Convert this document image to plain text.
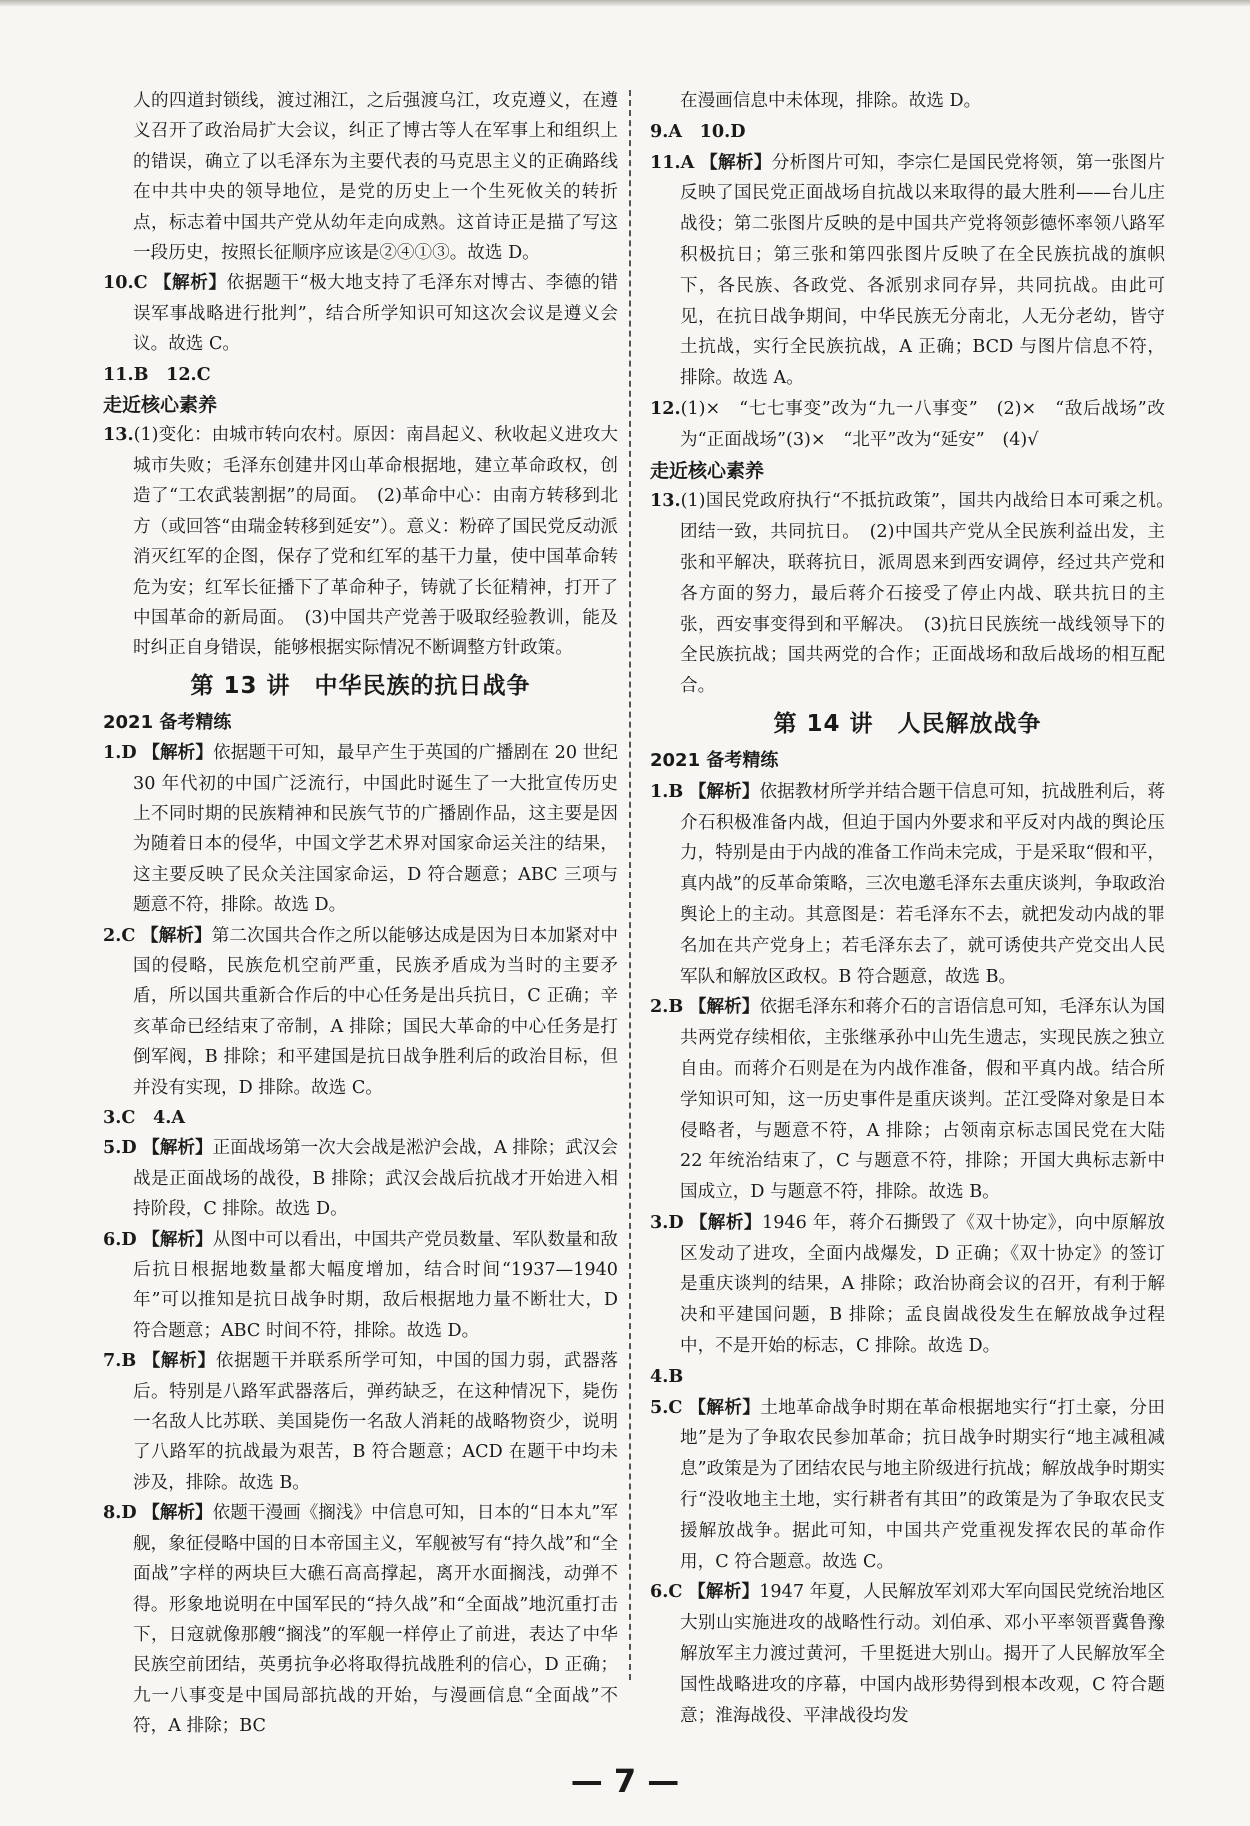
人的四道封锁线，渡过湘江，之后强渡乌江，攻克遵义，在遵义召开了政治局扩大会议，纠正了博古等人在军事上和组织上的错误，确立了以毛泽东为主要代表的马克思主义的正确路线在中共中央的领导地位，是党的历史上一个生死攸关的转折点，标志着中国共产党从幼年走向成熟。这首诗正是描了写这一段历史，按照长征顺序应该是②④①③。故选 D。

10.C 【解析】依据题干“极大地支持了毛泽东对博古、李德的错误军事战略进行批判”，结合所学知识可知这次会议是遵义会议。故选 C。

11.B　12.C

走近核心素养

13.(1)变化：由城市转向农村。原因：南昌起义、秋收起义进攻大城市失败；毛泽东创建井冈山革命根据地，建立革命政权，创造了“工农武装割据”的局面。　(2)革命中心：由南方转移到北方（或回答“由瑞金转移到延安”）。意义：粉碎了国民党反动派消灭红军的企图，保存了党和红军的基干力量，使中国革命转危为安；红军长征播下了革命种子，铸就了长征精神，打开了中国革命的新局面。　(3)中国共产党善于吸取经验教训，能及时纠正自身错误，能够根据实际情况不断调整方针政策。

第 13 讲　中华民族的抗日战争

2021 备考精练

1.D 【解析】依据题干可知，最早产生于英国的广播剧在 20 世纪 30 年代初的中国广泛流行，中国此时诞生了一大批宣传历史上不同时期的民族精神和民族气节的广播剧作品，这主要是因为随着日本的侵华，中国文学艺术界对国家命运关注的结果，这主要反映了民众关注国家命运，D 符合题意；ABC 三项与题意不符，排除。故选 D。

2.C 【解析】第二次国共合作之所以能够达成是因为日本加紧对中国的侵略，民族危机空前严重，民族矛盾成为当时的主要矛盾，所以国共重新合作后的中心任务是出兵抗日，C 正确；辛亥革命已经结束了帝制，A 排除；国民大革命的中心任务是打倒军阀，B 排除；和平建国是抗日战争胜利后的政治目标，但并没有实现，D 排除。故选 C。

3.C　4.A

5.D 【解析】正面战场第一次大会战是淞沪会战，A 排除；武汉会战是正面战场的战役，B 排除；武汉会战后抗战才开始进入相持阶段，C 排除。故选 D。

6.D 【解析】从图中可以看出，中国共产党员数量、军队数量和敌后抗日根据地数量都大幅度增加，结合时间“1937—1940 年”可以推知是抗日战争时期，敌后根据地力量不断壮大，D 符合题意；ABC 时间不符，排除。故选 D。

7.B 【解析】依据题干并联系所学可知，中国的国力弱，武器落后。特别是八路军武器落后，弹药缺乏，在这种情况下，毙伤一名敌人比苏联、美国毙伤一名敌人消耗的战略物资少，说明了八路军的抗战最为艰苦，B 符合题意；ACD 在题干中均未涉及，排除。故选 B。

8.D 【解析】依题干漫画《搁浅》中信息可知，日本的“日本丸”军舰，象征侵略中国的日本帝国主义，军舰被写有“持久战”和“全面战”字样的两块巨大礁石高高撑起，离开水面搁浅，动弹不得。形象地说明在中国军民的“持久战”和“全面战”地沉重打击下，日寇就像那艘“搁浅”的军舰一样停止了前进，表达了中华民族空前团结，英勇抗争必将取得抗战胜利的信心，D 正确；九一八事变是中国局部抗战的开始，与漫画信息“全面战”不符，A 排除；BC

在漫画信息中未体现，排除。故选 D。

9.A　10.D

11.A 【解析】分析图片可知，李宗仁是国民党将领，第一张图片反映了国民党正面战场自抗战以来取得的最大胜利——台儿庄战役；第二张图片反映的是中国共产党将领彭德怀率领八路军积极抗日；第三张和第四张图片反映了在全民族抗战的旗帜下，各民族、各政党、各派别求同存异，共同抗战。由此可见，在抗日战争期间，中华民族无分南北，人无分老幼，皆守土抗战，实行全民族抗战，A 正确；BCD 与图片信息不符，排除。故选 A。

12.(1)×　“七七事变”改为“九一八事变”　(2)×　“敌后战场”改为“正面战场”(3)×　“北平”改为“延安”　(4)√

走近核心素养

13.(1)国民党政府执行“不抵抗政策”，国共内战给日本可乘之机。　团结一致，共同抗日。　(2)中国共产党从全民族利益出发，主张和平解决，联蒋抗日，派周恩来到西安调停，经过共产党和各方面的努力，最后蒋介石接受了停止内战、联共抗日的主张，西安事变得到和平解决。　(3)抗日民族统一战线领导下的全民族抗战；国共两党的合作；正面战场和敌后战场的相互配合。

第 14 讲　人民解放战争

2021 备考精练

1.B 【解析】依据教材所学并结合题干信息可知，抗战胜利后，蒋介石积极准备内战，但迫于国内外要求和平反对内战的舆论压力，特别是由于内战的准备工作尚未完成，于是采取“假和平，真内战”的反革命策略，三次电邀毛泽东去重庆谈判，争取政治舆论上的主动。其意图是：若毛泽东不去，就把发动内战的罪名加在共产党身上；若毛泽东去了，就可诱使共产党交出人民军队和解放区政权。B 符合题意，故选 B。

2.B 【解析】依据毛泽东和蒋介石的言语信息可知，毛泽东认为国共两党存续相依，主张继承孙中山先生遗志，实现民族之独立自由。而蒋介石则是在为内战作准备，假和平真内战。结合所学知识可知，这一历史事件是重庆谈判。芷江受降对象是日本侵略者，与题意不符，A 排除；占领南京标志国民党在大陆 22 年统治结束了，C 与题意不符，排除；开国大典标志新中国成立，D 与题意不符，排除。故选 B。

3.D 【解析】1946 年，蒋介石撕毁了《双十协定》，向中原解放区发动了进攻，全面内战爆发，D 正确；《双十协定》的签订是重庆谈判的结果，A 排除；政治协商会议的召开，有利于解决和平建国问题，B 排除；孟良崮战役发生在解放战争过程中，不是开始的标志，C 排除。故选 D。

4.B

5.C 【解析】土地革命战争时期在革命根据地实行“打土豪，分田地”是为了争取农民参加革命；抗日战争时期实行“地主减租减息”政策是为了团结农民与地主阶级进行抗战；解放战争时期实行“没收地主土地，实行耕者有其田”的政策是为了争取农民支援解放战争。据此可知，中国共产党重视发挥农民的革命作用，C 符合题意。故选 C。

6.C 【解析】1947 年夏，人民解放军刘邓大军向国民党统治地区大别山实施进攻的战略性行动。刘伯承、邓小平率领晋冀鲁豫解放军主力渡过黄河，千里挺进大别山。揭开了人民解放军全国性战略进攻的序幕，中国内战形势得到根本改观，C 符合题意；淮海战役、平津战役均发

— 7 —
